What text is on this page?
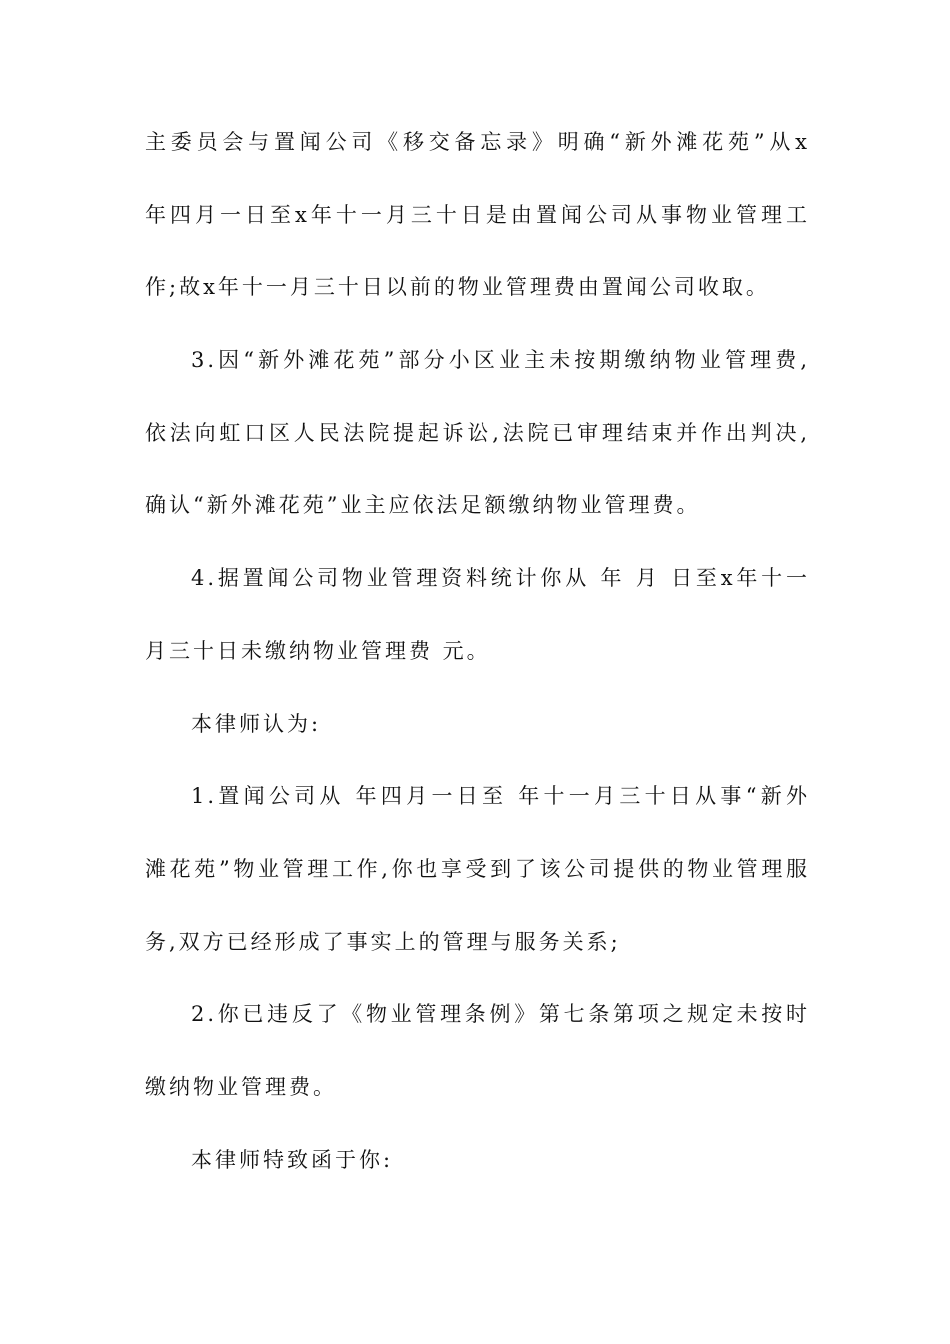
主委员会与置闻公司《移交备忘录》明确“新外滩花苑”从x
年四月一日至x年十一月三十日是由置闻公司从事物业管理工
作;故x年十一月三十日以前的物业管理费由置闻公司收取。
3.因“新外滩花苑”部分小区业主未按期缴纳物业管理费,
依法向虹口区人民法院提起诉讼,法院已审理结束并作出判决,
确认“新外滩花苑”业主应依法足额缴纳物业管理费。
4.据置闻公司物业管理资料统计你从 年 月 日至x年十一
月三十日未缴纳物业管理费 元。
本律师认为:
1.置闻公司从 年四月一日至 年十一月三十日从事“新外
滩花苑”物业管理工作,你也享受到了该公司提供的物业管理服
务,双方已经形成了事实上的管理与服务关系;
2.你已违反了《物业管理条例》第七条第项之规定未按时
缴纳物业管理费。
本律师特致函于你:
